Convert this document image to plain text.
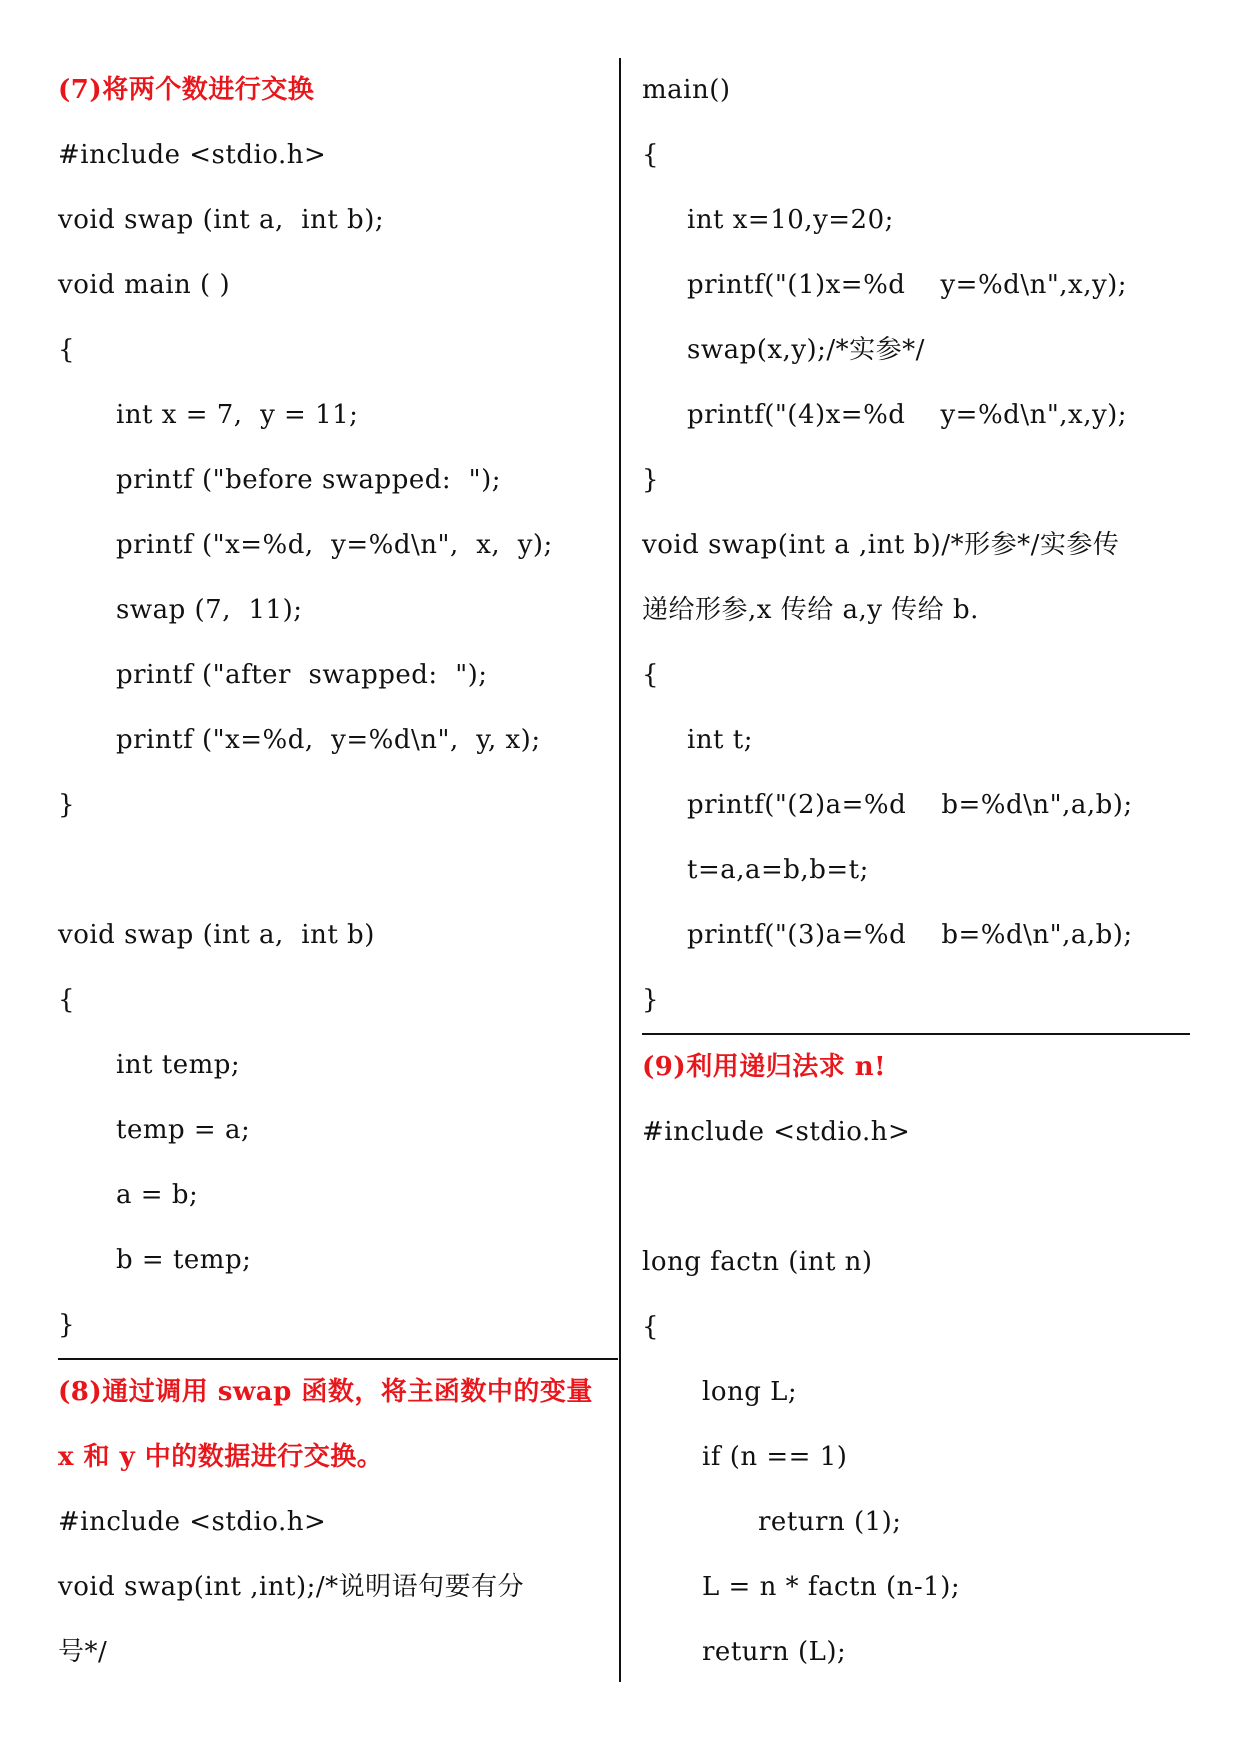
(7)将两个数进行交换
#include <stdio.h>
void swap (int a,  int b);
void main ( )
{
int x = 7,  y = 11;
printf ("before swapped:  ");
printf ("x=%d,  y=%d\n",  x,  y);
swap (7,  11);
printf ("after  swapped:  ");
printf ("x=%d,  y=%d\n",  y, x);
}
void swap (int a,  int b)
{
int temp;
temp = a;
a = b;
b = temp;
}
(8)通过调用 swap 函数，将主函数中的变量
x 和 y 中的数据进行交换。
#include <stdio.h>
void swap(int ,int);/*说明语句要有分
号*/
main()
{
int x=10,y=20;
printf("(1)x=%d    y=%d\n",x,y);
swap(x,y);/*实参*/
printf("(4)x=%d    y=%d\n",x,y);
}
void swap(int a ,int b)/*形参*/实参传
递给形参,x 传给 a,y 传给 b.
{
int t;
printf("(2)a=%d    b=%d\n",a,b);
t=a,a=b,b=t;
printf("(3)a=%d    b=%d\n",a,b);
}
(9)利用递归法求 n!
#include <stdio.h>
long factn (int n)
{
long L;
if (n == 1)
return (1);
L = n * factn (n-1);
return (L);
